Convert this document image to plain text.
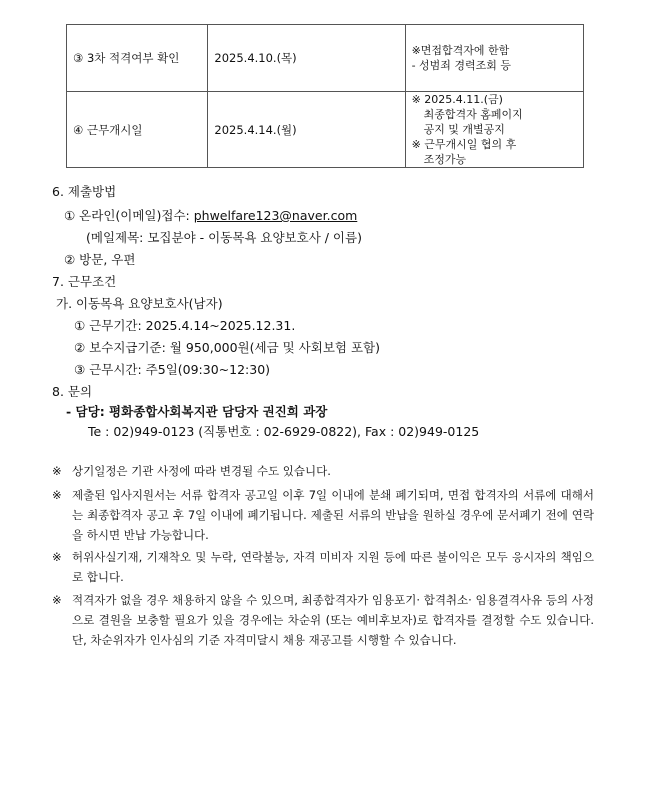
③ 3차 적격여부 확인	2025.4.10.(목)	※면접합격자에 한함
- 성범죄 경력조회 등

④ 근무개시일	2025.4.14.(월)	※ 2025.4.11.(금)
최종합격자 홈페이지
공지 및 개별공지
※ 근무개시일 협의 후
조정가능
6. 제출방법
① 온라인(이메일)접수: phwelfare123@naver.com
(메일제목: 모집분야 - 이동목욕 요양보호사 / 이름)
② 방문, 우편
7. 근무조건
가. 이동목욕 요양보호사(남자)
① 근무기간: 2025.4.14~2025.12.31.
② 보수지급기준: 월 950,000원(세금 및 사회보험 포함)
③ 근무시간: 주5일(09:30~12:30)
8. 문의
- 담당: 평화종합사회복지관 담당자 권진희 과장
Te : 02)949-0123 (직통번호 : 02-6929-0822), Fax : 02)949-0125
※ 상기일정은 기관 사정에 따라 변경될 수도 있습니다.
※ 제출된 입사지원서는 서류 합격자 공고일 이후 7일 이내에 분쇄 폐기되며, 면접 합격자의 서류에 대해서는 최종합격자 공고 후 7일 이내에 폐기됩니다. 제출된 서류의 반납을 원하실 경우에 문서폐기 전에 연락을 하시면 반납 가능합니다.
※ 허위사실기재, 기재착오 및 누락, 연락불능, 자격 미비자 지원 등에 따른 불이익은 모두 응시자의 책임으로 합니다.
※ 적격자가 없을 경우 채용하지 않을 수 있으며, 최종합격자가 임용포기· 합격취소· 임용결격사유 등의 사정으로 결원을 보충할 필요가 있을 경우에는 차순위 (또는 예비후보자)로 합격자를 결정할 수도 있습니다. 단, 차순위자가 인사심의 기준 자격미달시 채용 재공고를 시행할 수 있습니다.
